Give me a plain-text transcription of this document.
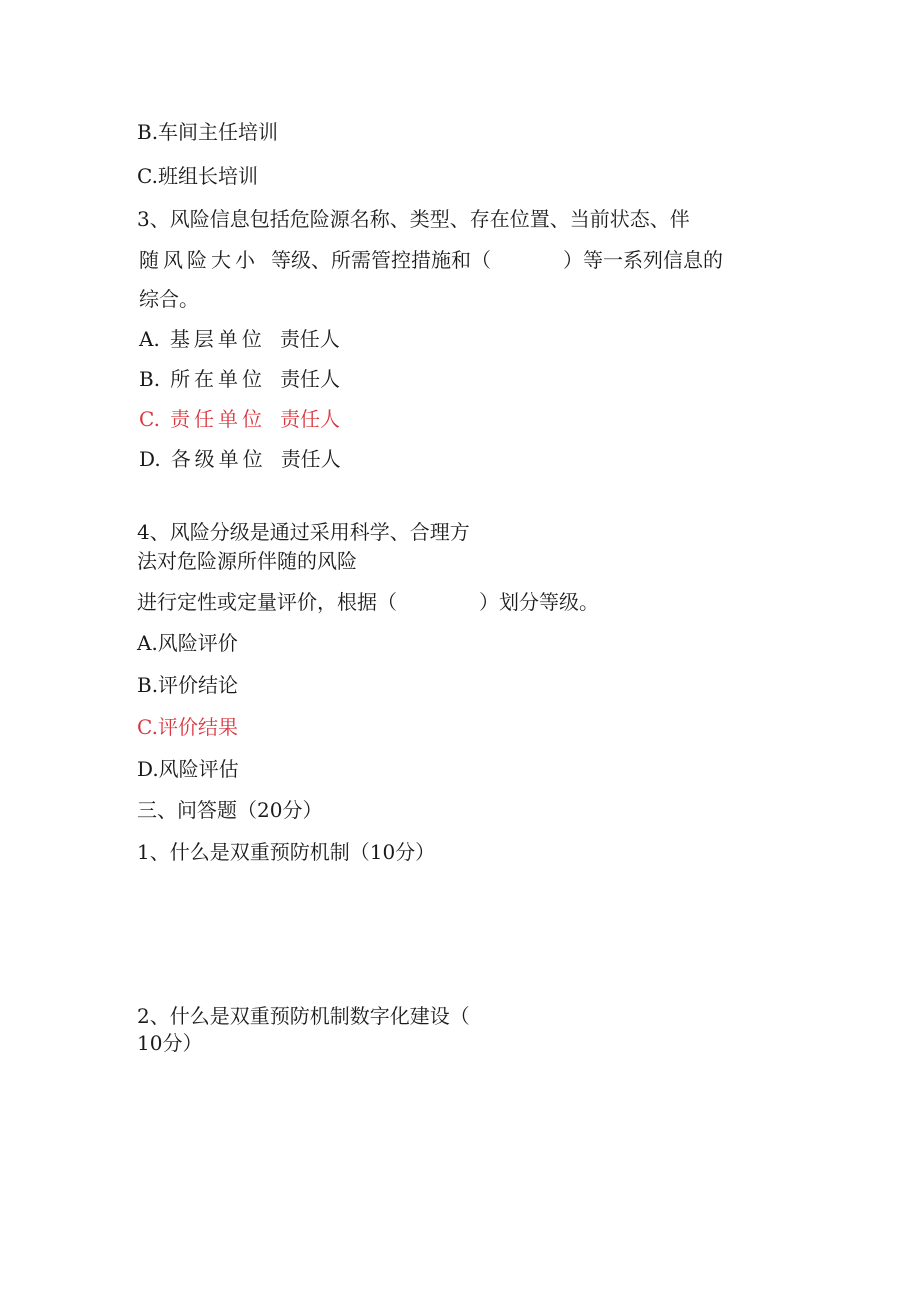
B.车间主任培训
C.班组长培训
3、风险信息包括危险源名称、类型、存在位置、当前状态、伴
随风险大小 等级、所需管控措施和（	）等一系列信息的
综合。
A. 基层单位 责任人
B. 所在单位 责任人
C. 责任单位 责任人
D. 各级单位 责任人
4、风险分级是通过采用科学、合理方
法对危险源所伴随的风险
进行定性或定量评价，根据（	）划分等级。
A.风险评价
B.评价结论
C.评价结果
D.风险评估
三、问答题（20分）
1、什么是双重预防机制（10分）
2、什么是双重预防机制数字化建设（
10分）
